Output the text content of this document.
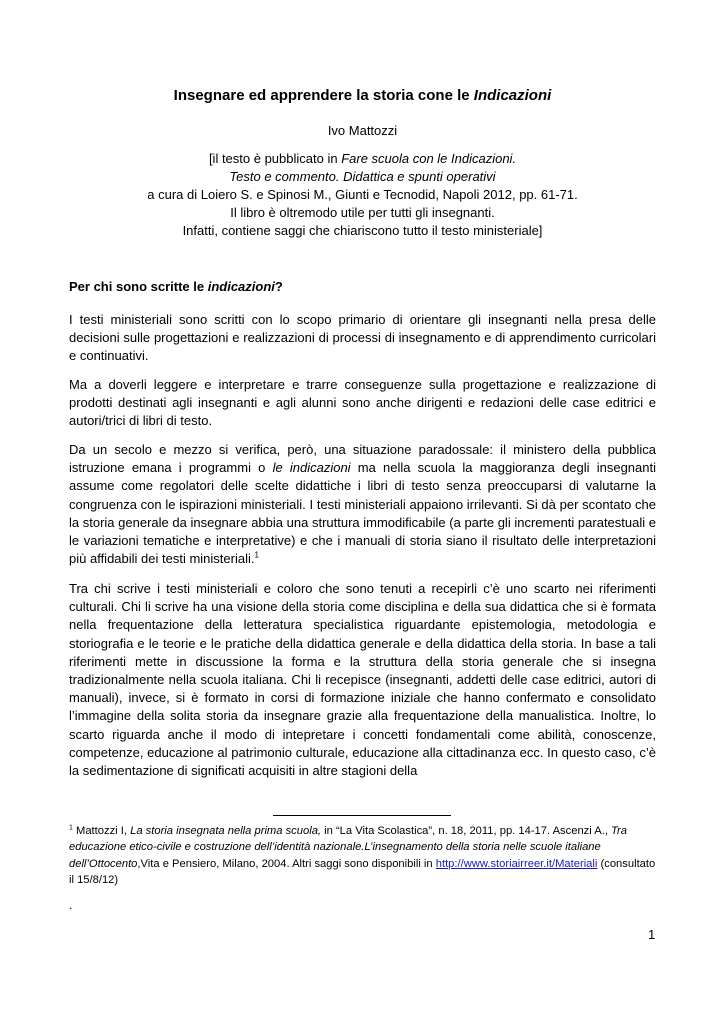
Insegnare ed apprendere la storia cone le Indicazioni
Ivo Mattozzi
[il testo è pubblicato in Fare scuola con le Indicazioni.
Testo e commento. Didattica e spunti operativi
a cura di Loiero S. e Spinosi M., Giunti e Tecnodid, Napoli 2012, pp. 61-71.
Il libro è oltremodo utile per tutti gli insegnanti.
Infatti, contiene saggi che chiariscono tutto il testo ministeriale]
Per chi sono scritte le indicazioni?
I testi ministeriali sono scritti con lo scopo primario di orientare gli insegnanti nella presa delle decisioni sulle progettazioni e realizzazioni di processi di insegnamento e di apprendimento curricolari e continuativi.
Ma a doverli leggere e interpretare e trarre conseguenze sulla progettazione e realizzazione di prodotti destinati agli insegnanti e agli alunni sono anche dirigenti e redazioni delle case editrici e autori/trici di libri di testo.
Da un secolo e mezzo si verifica, però, una situazione paradossale: il ministero della pubblica istruzione emana i programmi o le indicazioni ma nella scuola la maggioranza degli insegnanti assume come regolatori delle scelte didattiche i libri di testo senza preoccuparsi di valutarne la congruenza con le ispirazioni ministeriali. I testi ministeriali appaiono irrilevanti. Si dà per scontato che la storia generale da insegnare abbia una struttura immodificabile (a parte gli incrementi paratestuali e le variazioni tematiche e interpretative) e che i manuali di storia siano il risultato delle interpretazioni più affidabili dei testi ministeriali.$^1$
Tra chi scrive i testi ministeriali e coloro che sono tenuti a recepirli c’è uno scarto nei riferimenti culturali. Chi li scrive ha una visione della storia come disciplina e della sua didattica che si è formata nella frequentazione della letteratura specialistica riguardante epistemologia, metodologia e storiografia e le teorie e le pratiche della didattica generale e della didattica della storia. In base a tali riferimenti mette in discussione la forma e la struttura della storia generale che si insegna tradizionalmente nella scuola italiana. Chi li recepisce (insegnanti, addetti delle case editrici, autori di manuali), invece, si è formato in corsi di formazione iniziale che hanno confermato e consolidato l’immagine della solita storia da insegnare grazie alla frequentazione della manualistica. Inoltre, lo scarto riguarda anche il modo di intepretare i concetti fondamentali come abilità, conoscenze, competenze, educazione al patrimonio culturale, educazione alla cittadinanza ecc. In questo caso, c’è la sedimentazione di significati acquisiti in altre stagioni della
$^1$ Mattozzi I, La storia insegnata nella prima scuola, in “La Vita Scolastica”, n. 18, 2011, pp. 14-17. Ascenzi A., Tra educazione etico-civile e costruzione dell’identità nazionale.L’insegnamento della storia nelle scuole italiane dell’Ottocento,Vita e Pensiero, Milano, 2004. Altri saggi sono disponibili in http://www.storiairreer.it/Materiali (consultato il 15/8/12)
.
1
